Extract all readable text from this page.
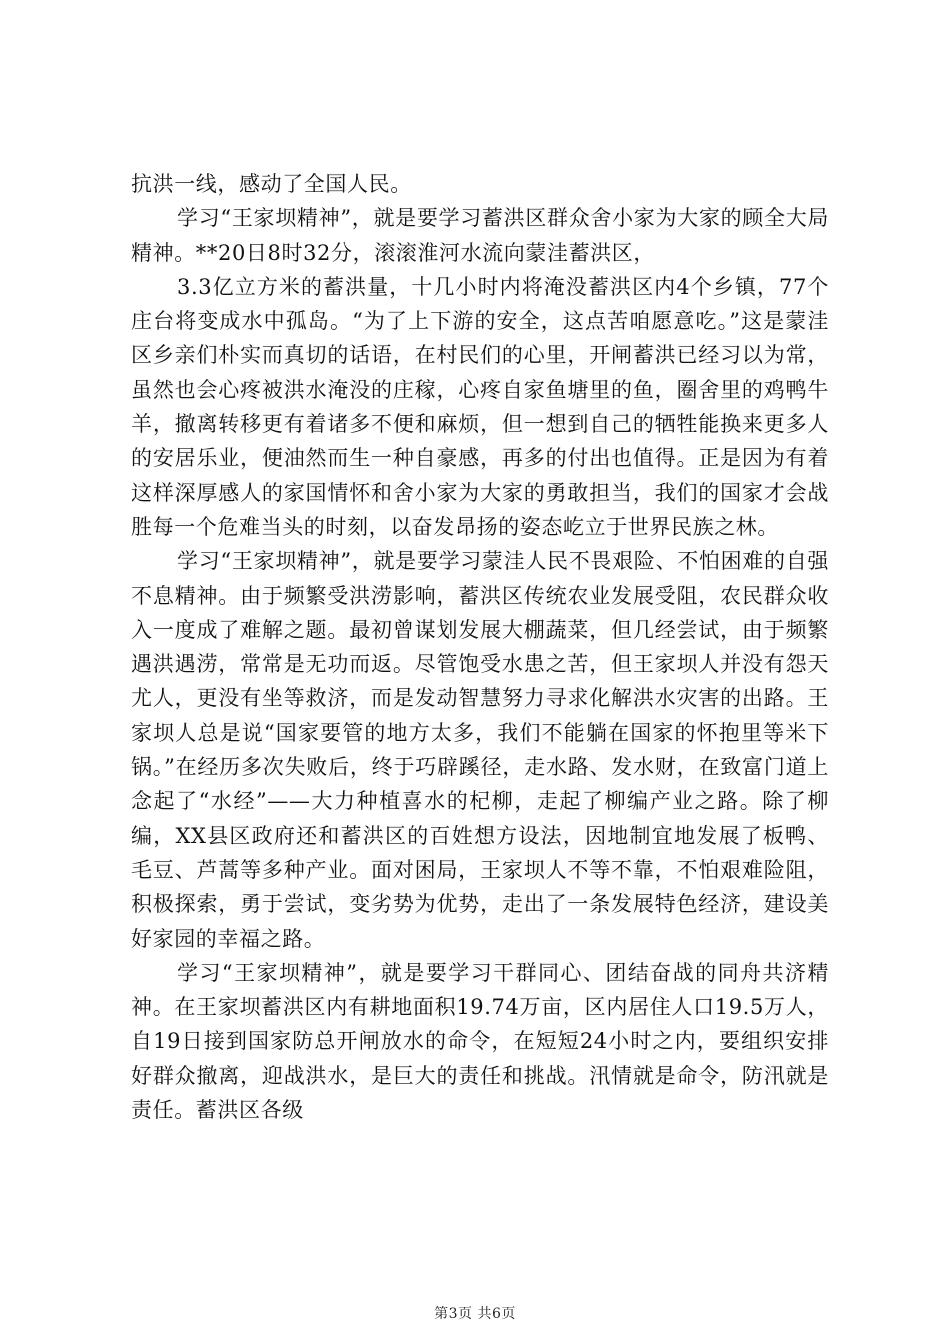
抗洪一线，感动了全国人民。

学习“王家坝精神”，就是要学习蓄洪区群众舍小家为大家的顾全大局精神。**20日8时32分，滚滚淮河水流向蒙洼蓄洪区，

3.3亿立方米的蓄洪量，十几小时内将淹没蓄洪区内4个乡镇，77个庄台将变成水中孤岛。“为了上下游的安全，这点苦咱愿意吃。”这是蒙洼区乡亲们朴实而真切的话语，在村民们的心里，开闸蓄洪已经习以为常，虽然也会心疼被洪水淹没的庄稼，心疼自家鱼塘里的鱼，圈舍里的鸡鸭牛羊，撤离转移更有着诸多不便和麻烦，但一想到自己的牺牲能换来更多人的安居乐业，便油然而生一种自豪感，再多的付出也值得。正是因为有着这样深厚感人的家国情怀和舍小家为大家的勇敢担当，我们的国家才会战胜每一个危难当头的时刻，以奋发昂扬的姿态屹立于世界民族之林。

学习“王家坝精神”，就是要学习蒙洼人民不畏艰险、不怕困难的自强不息精神。由于频繁受洪涝影响，蓄洪区传统农业发展受阻，农民群众收入一度成了难解之题。最初曾谋划发展大棚蔬菜，但几经尝试，由于频繁遇洪遇涝，常常是无功而返。尽管饱受水患之苦，但王家坝人并没有怨天尤人，更没有坐等救济，而是发动智慧努力寻求化解洪水灾害的出路。王家坝人总是说“国家要管的地方太多，我们不能躺在国家的怀抱里等米下锅。”在经历多次失败后，终于巧辟蹊径，走水路、发水财，在致富门道上念起了“水经”——大力种植喜水的杞柳，走起了柳编产业之路。除了柳编，XX县区政府还和蓄洪区的百姓想方设法，因地制宜地发展了板鸭、毛豆、芦蒿等多种产业。面对困局，王家坝人不等不靠，不怕艰难险阻，积极探索，勇于尝试，变劣势为优势，走出了一条发展特色经济，建设美好家园的幸福之路。

学习“王家坝精神”，就是要学习干群同心、团结奋战的同舟共济精神。在王家坝蓄洪区内有耕地面积19.74万亩，区内居住人口19.5万人，自19日接到国家防总开闸放水的命令，在短短24小时之内，要组织安排好群众撤离，迎战洪水，是巨大的责任和挑战。汛情就是命令，防汛就是责任。蓄洪区各级

第3页 共6页
